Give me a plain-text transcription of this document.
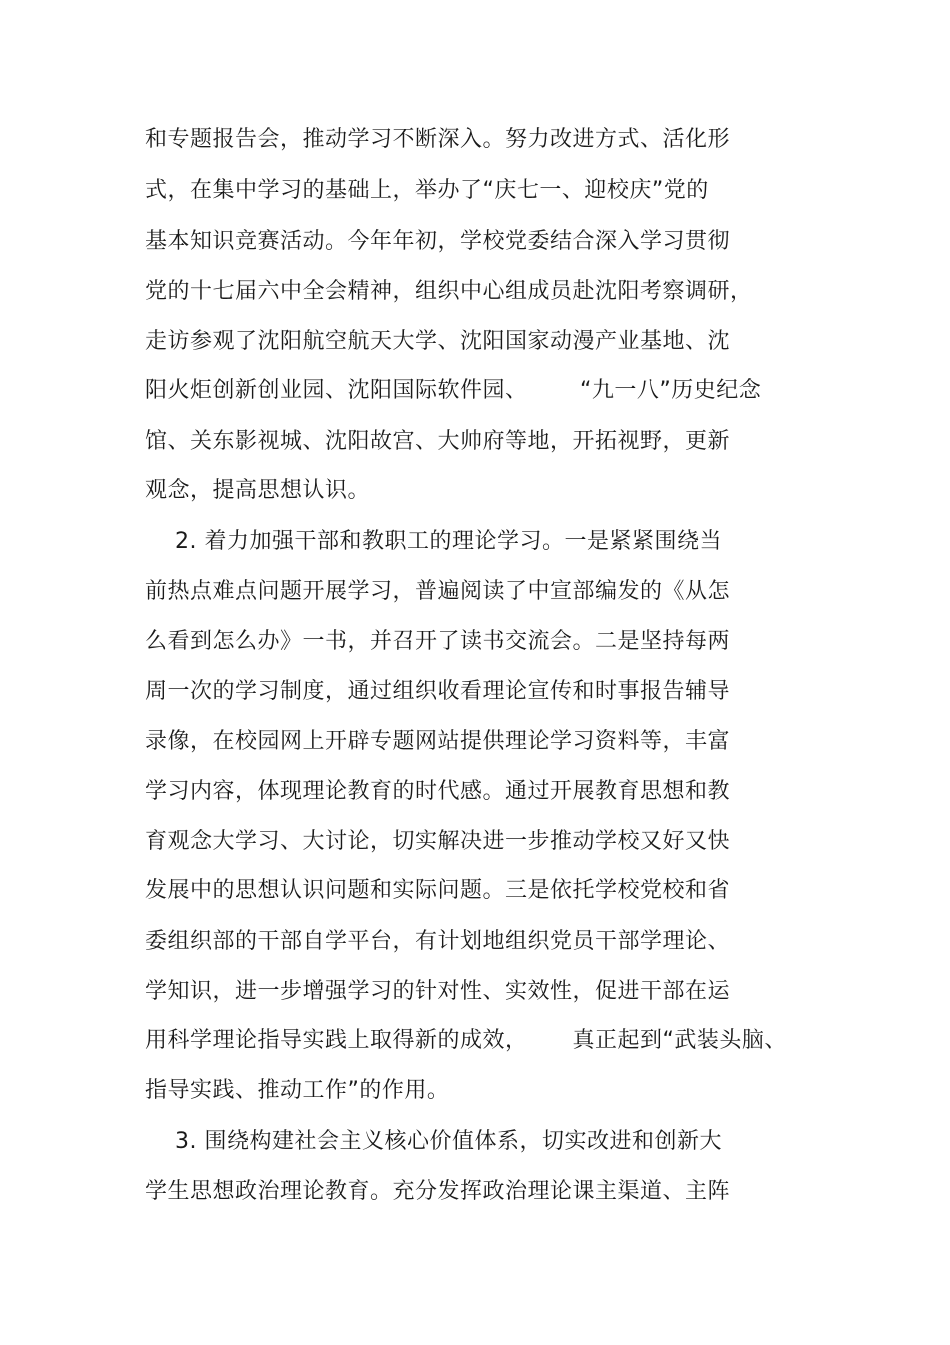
和专题报告会，推动学习不断深入。努力改进方式、活化形
式，在集中学习的基础上，举办了“庆七一、迎校庆”党的
基本知识竞赛活动。今年年初，学校党委结合深入学习贯彻
党的十七届六中全会精神，组织中心组成员赴沈阳考察调研，
走访参观了沈阳航空航天大学、沈阳国家动漫产业基地、沈
阳火炬创新创业园、沈阳国际软件园、       “九一八”历史纪念
馆、关东影视城、沈阳故宫、大帅府等地，开拓视野，更新
观念，提高思想认识。
2. 着力加强干部和教职工的理论学习。一是紧紧围绕当
前热点难点问题开展学习，普遍阅读了中宣部编发的《从怎
么看到怎么办》一书，并召开了读书交流会。二是坚持每两
周一次的学习制度，通过组织收看理论宣传和时事报告辅导
录像，在校园网上开辟专题网站提供理论学习资料等，丰富
学习内容，体现理论教育的时代感。通过开展教育思想和教
育观念大学习、大讨论，切实解决进一步推动学校又好又快
发展中的思想认识问题和实际问题。三是依托学校党校和省
委组织部的干部自学平台，有计划地组织党员干部学理论、
学知识，进一步增强学习的针对性、实效性，促进干部在运
用科学理论指导实践上取得新的成效，      真正起到“武装头脑、
指导实践、推动工作”的作用。
3. 围绕构建社会主义核心价值体系，切实改进和创新大
学生思想政治理论教育。充分发挥政治理论课主渠道、主阵
